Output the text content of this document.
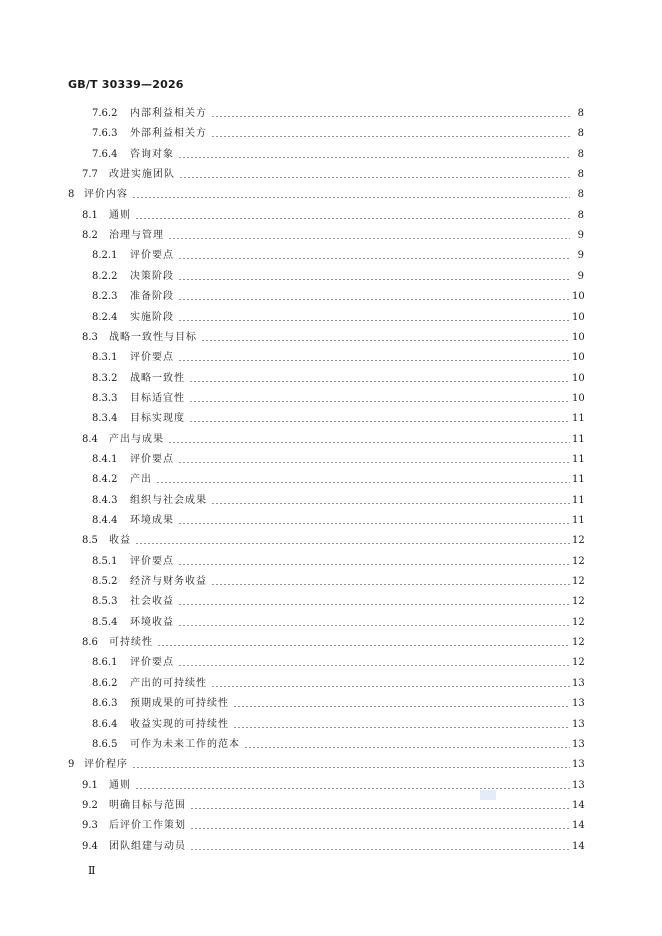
GB/T 30339—2026
7.6.2 内部利益相关方	8
7.6.3 外部利益相关方	8
7.6.4 咨询对象	8
7.7 改进实施团队	8
8 评价内容	8
8.1 通则	8
8.2 治理与管理	9
8.2.1 评价要点	9
8.2.2 决策阶段	9
8.2.3 准备阶段	10
8.2.4 实施阶段	10
8.3 战略一致性与目标	10
8.3.1 评价要点	10
8.3.2 战略一致性	10
8.3.3 目标适宜性	10
8.3.4 目标实现度	11
8.4 产出与成果	11
8.4.1 评价要点	11
8.4.2 产出	11
8.4.3 组织与社会成果	11
8.4.4 环境成果	11
8.5 收益	12
8.5.1 评价要点	12
8.5.2 经济与财务收益	12
8.5.3 社会收益	12
8.5.4 环境收益	12
8.6 可持续性	12
8.6.1 评价要点	12
8.6.2 产出的可持续性	13
8.6.3 预期成果的可持续性	13
8.6.4 收益实现的可持续性	13
8.6.5 可作为未来工作的范本	13
9 评价程序	13
9.1 通则	13
9.2 明确目标与范围	14
9.3 后评价工作策划	14
9.4 团队组建与动员	14
Ⅱ
